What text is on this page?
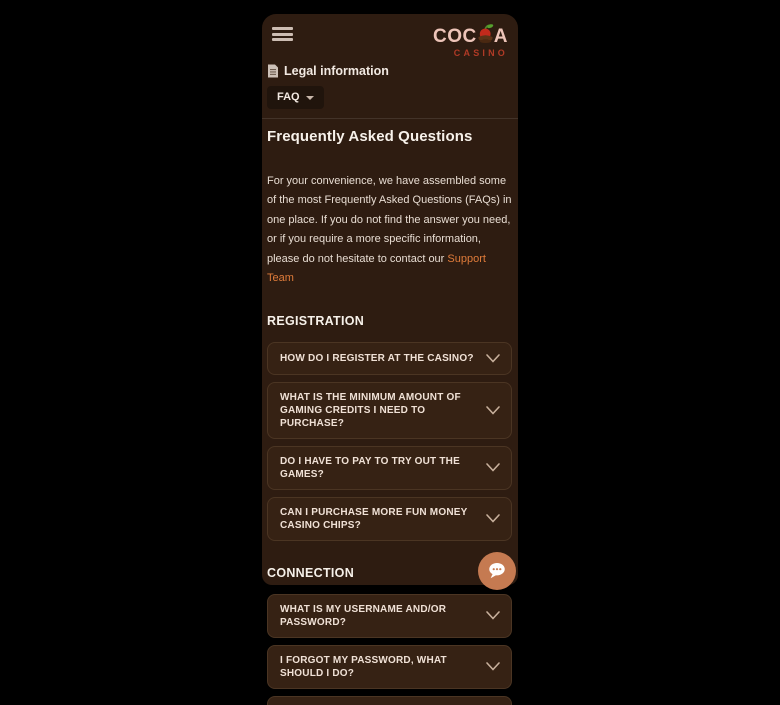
COC A
CASINO
Legal information
FAQ
Frequently Asked Questions

For your convenience, we have assembled some of the most Frequently Asked Questions (FAQs) in one place. If you do not find the answer you need, or if you require a more specific information, please do not hesitate to contact our Support Team

REGISTRATION
HOW DO I REGISTER AT THE CASINO?
WHAT IS THE MINIMUM AMOUNT OF GAMING CREDITS I NEED TO PURCHASE?
DO I HAVE TO PAY TO TRY OUT THE GAMES?
CAN I PURCHASE MORE FUN MONEY CASINO CHIPS?
CONNECTION
WHAT IS MY USERNAME AND/OR PASSWORD?
I FORGOT MY PASSWORD, WHAT SHOULD I DO?
